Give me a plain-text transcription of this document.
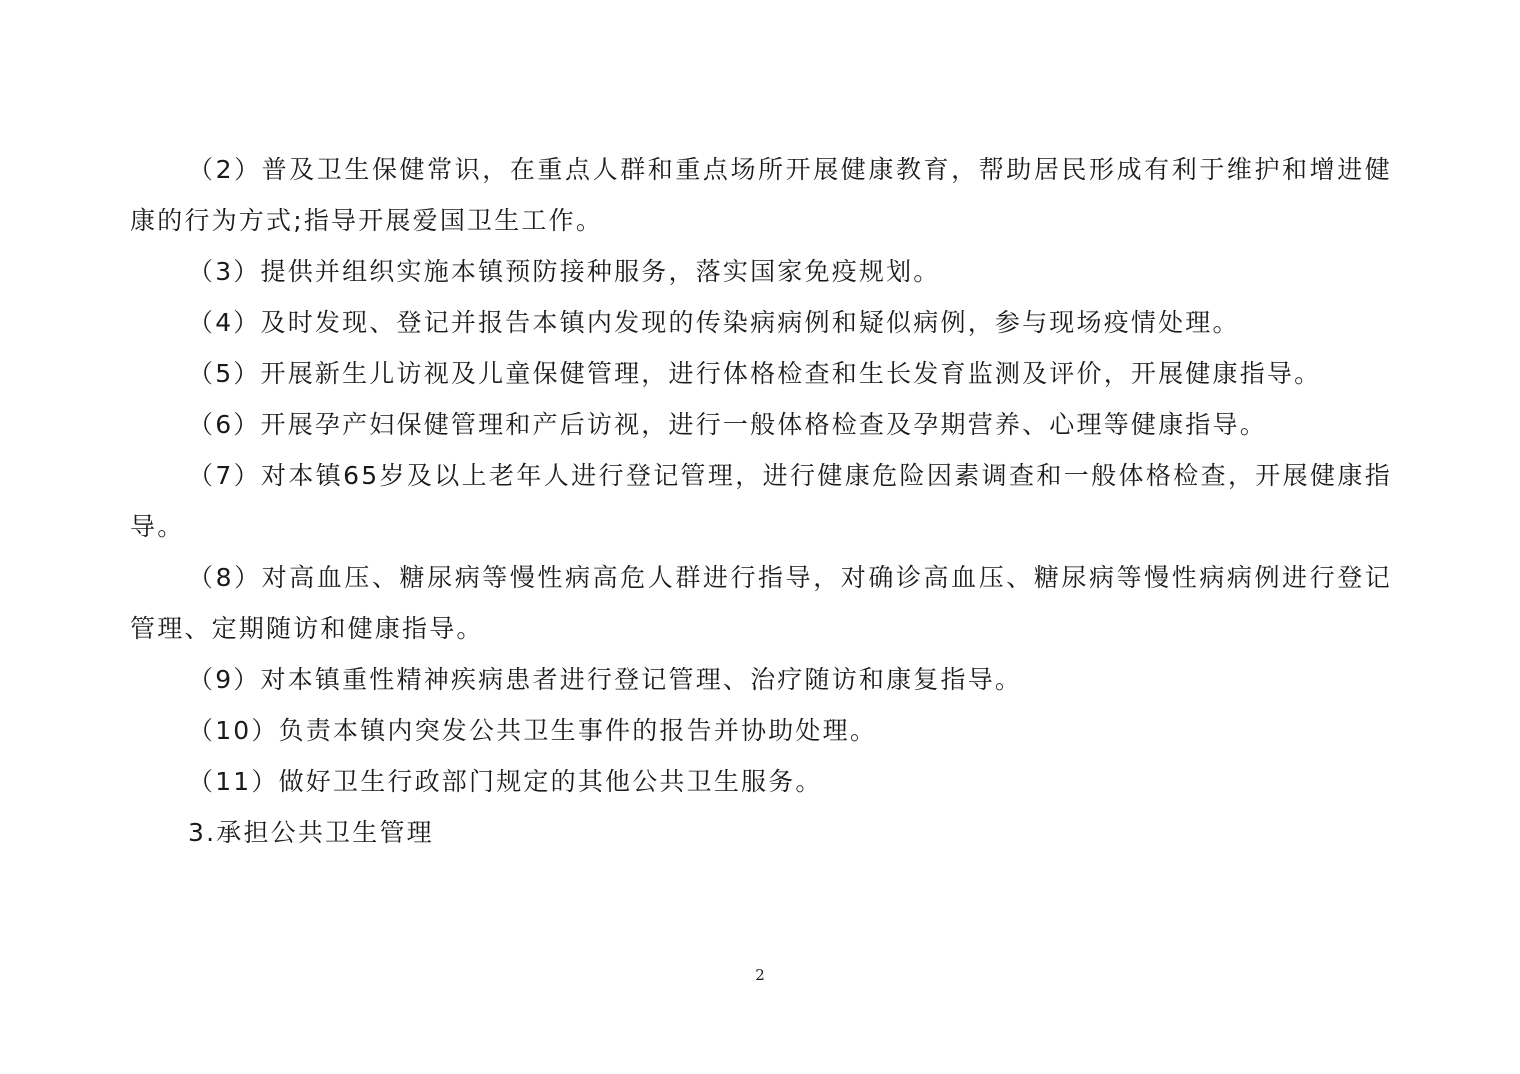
（2）普及卫生保健常识，在重点人群和重点场所开展健康教育，帮助居民形成有利于维护和增进健康的行为方式;指导开展爱国卫生工作。

（3）提供并组织实施本镇预防接种服务，落实国家免疫规划。

（4）及时发现、登记并报告本镇内发现的传染病病例和疑似病例，参与现场疫情处理。

（5）开展新生儿访视及儿童保健管理，进行体格检查和生长发育监测及评价，开展健康指导。

（6）开展孕产妇保健管理和产后访视，进行一般体格检查及孕期营养、心理等健康指导。

（7）对本镇65岁及以上老年人进行登记管理，进行健康危险因素调查和一般体格检查，开展健康指导。

（8）对高血压、糖尿病等慢性病高危人群进行指导，对确诊高血压、糖尿病等慢性病病例进行登记管理、定期随访和健康指导。

（9）对本镇重性精神疾病患者进行登记管理、治疗随访和康复指导。

（10）负责本镇内突发公共卫生事件的报告并协助处理。

（11）做好卫生行政部门规定的其他公共卫生服务。

3.承担公共卫生管理

2
